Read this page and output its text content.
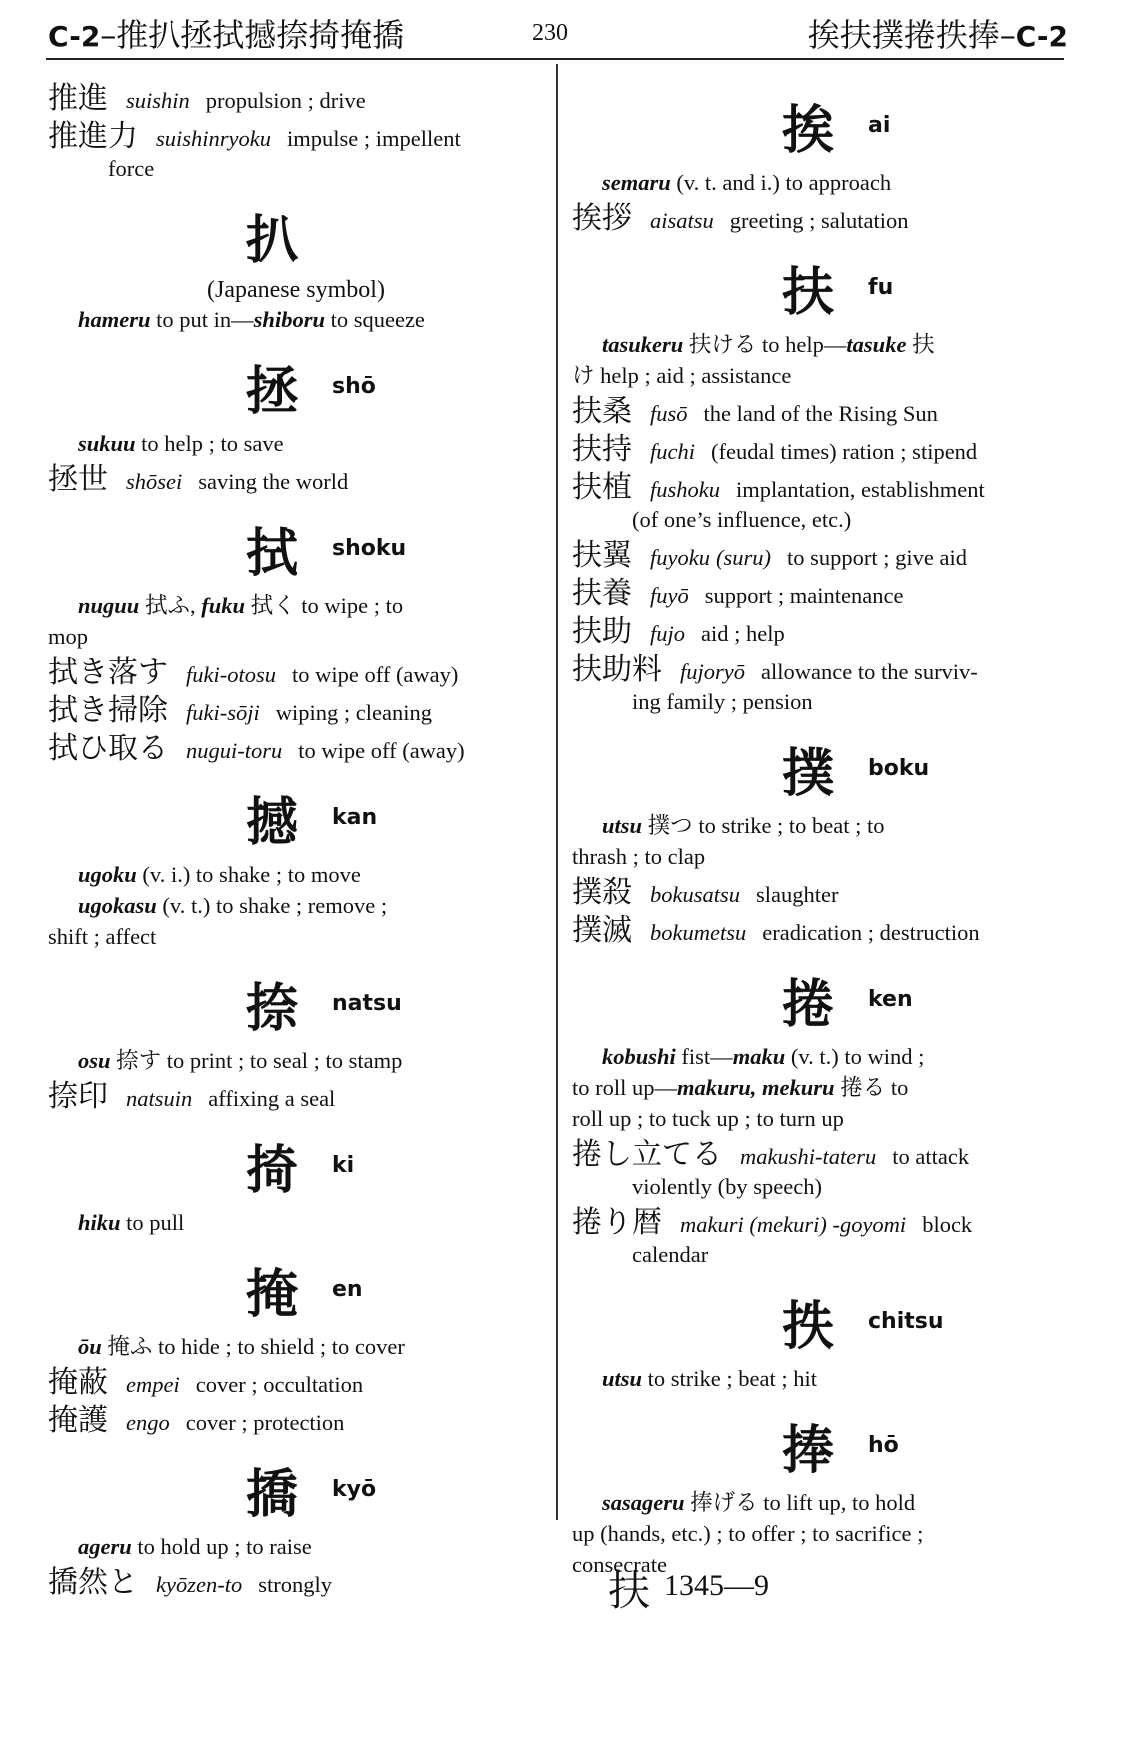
C-2–推扒拯拭撼捺掎掩撟	230	挨扶撲捲抶捧–C-2
推進 suishin propulsion ; drive
推進力 suishinryoku impulse ; impellent
force
扒
(Japanese symbol)
hameru to put in—shiboru to squeeze
拯 shō
sukuu to help ; to save
拯世 shōsei saving the world
拭 shoku
nuguu 拭ふ, fuku 拭く to wipe ; to
mop
拭き落す fuki-otosu to wipe off (away)
拭き掃除 fuki-sōji wiping ; cleaning
拭ひ取る nugui-toru to wipe off (away)
撼 kan
ugoku (v. i.) to shake ; to move
ugokasu (v. t.) to shake ; remove ;
shift ; affect
捺 natsu
osu 捺す to print ; to seal ; to stamp
捺印 natsuin affixing a seal
掎 ki
hiku to pull
掩 en
ōu 掩ふ to hide ; to shield ; to cover
掩蔽 empei cover ; occultation
掩護 engo cover ; protection
撟 kyō
ageru to hold up ; to raise
撟然と kyōzen-to strongly
挨 ai
semaru (v. t. and i.) to approach
挨拶 aisatsu greeting ; salutation
扶 fu
tasukeru 扶ける to help—tasuke 扶
け help ; aid ; assistance
扶桑 fusō the land of the Rising Sun
扶持 fuchi (feudal times) ration ; stipend
扶植 fushoku implantation, establishment
(of one’s influence, etc.)
扶翼 fuyoku (suru) to support ; give aid
扶養 fuyō support ; maintenance
扶助 fujo aid ; help
扶助料 fujoryō allowance to the surviv-
ing family ; pension
撲 boku
utsu 撲つ to strike ; to beat ; to
thrash ; to clap
撲殺 bokusatsu slaughter
撲滅 bokumetsu eradication ; destruction
捲 ken
kobushi fist—maku (v. t.) to wind ;
to roll up—makuru, mekuru 捲る to
roll up ; to tuck up ; to turn up
捲し立てる makushi-tateru to attack
violently (by speech)
捲り暦 makuri (mekuri) -goyomi block
calendar
抶 chitsu
utsu to strike ; beat ; hit
捧 hō
sasageru 捧げる to lift up, to hold
up (hands, etc.) ; to offer ; to sacrifice ;
consecrate
扶 1345—9
